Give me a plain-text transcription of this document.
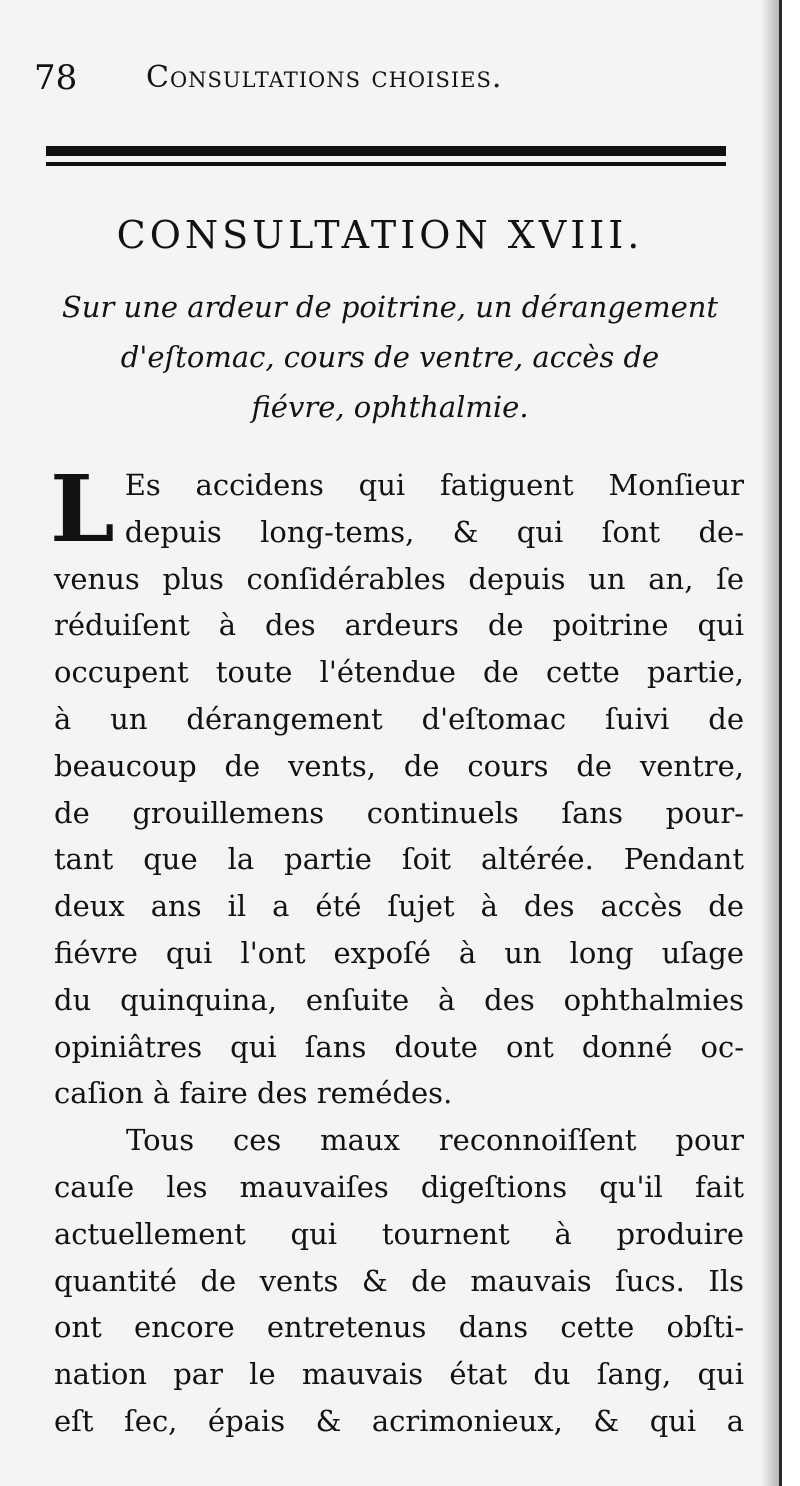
78 Consultations choisies.
CONSULTATION XVIII.
Sur une ardeur de poitrine, un dérangement
d'eſtomac, cours de ventre, accès de
fiévre, ophthalmie.
L Es accidens qui fatiguent Monſieur
depuis long-tems, & qui ſont de-
venus plus conſidérables depuis un an, ſe
réduiſent à des ardeurs de poitrine qui
occupent toute l'étendue de cette partie,
à un dérangement d'eſtomac ſuivi de
beaucoup de vents, de cours de ventre,
de grouillemens continuels ſans pour-
tant que la partie ſoit altérée. Pendant
deux ans il a été ſujet à des accès de
fiévre qui l'ont expoſé à un long uſage
du quinquina, enſuite à des ophthalmies
opiniâtres qui ſans doute ont donné oc-
caſion à faire des remédes.
Tous ces maux reconnoiſſent pour
cauſe les mauvaiſes digeſtions qu'il fait
actuellement qui tournent à produire
quantité de vents & de mauvais ſucs. Ils
ont encore entretenus dans cette obſti-
nation par le mauvais état du ſang, qui
eſt ſec, épais & acrimonieux, & qui a
